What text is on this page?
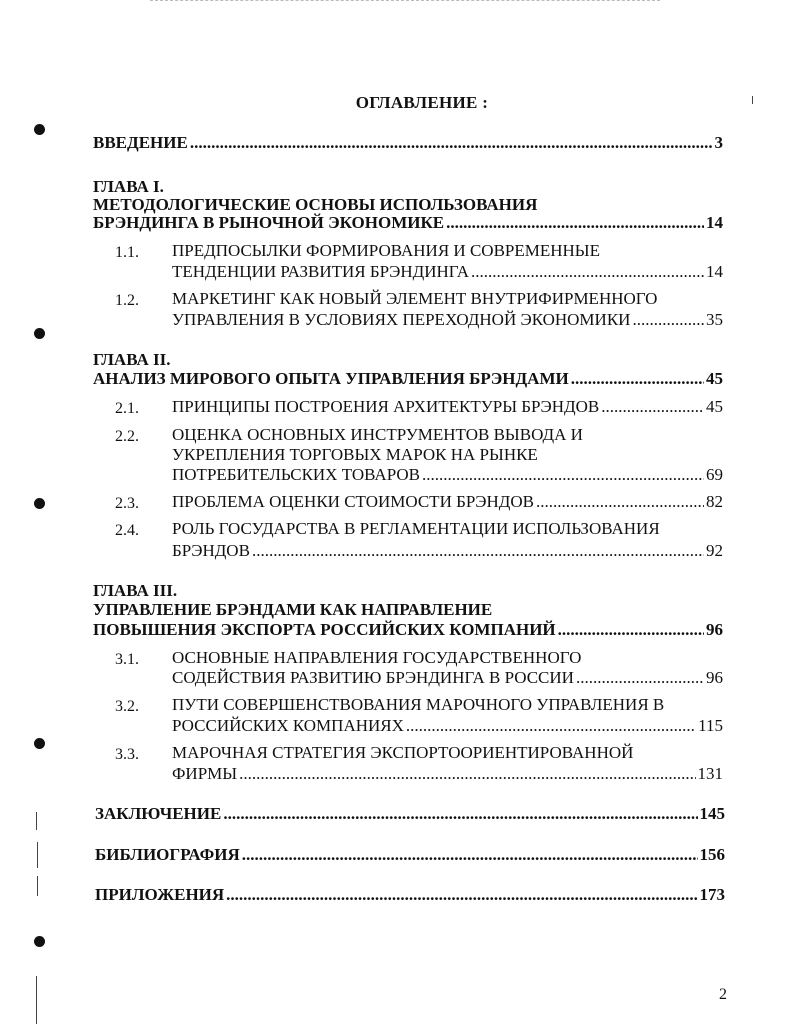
ОГЛАВЛЕНИЕ :
ВВЕДЕНИЕ .....	3
ГЛАВА I.
МЕТОДОЛОГИЧЕСКИЕ ОСНОВЫ ИСПОЛЬЗОВАНИЯ
БРЭНДИНГА В РЫНОЧНОЙ ЭКОНОМИКЕ .....	14
1.1. ПРЕДПОСЫЛКИ ФОРМИРОВАНИЯ И СОВРЕМЕННЫЕ
ТЕНДЕНЦИИ РАЗВИТИЯ БРЭНДИНГА .....	14
1.2. МАРКЕТИНГ КАК НОВЫЙ ЭЛЕМЕНТ ВНУТРИФИРМЕННОГО
УПРАВЛЕНИЯ В УСЛОВИЯХ ПЕРЕХОДНОЙ ЭКОНОМИКИ .....	35
ГЛАВА II.
АНАЛИЗ МИРОВОГО ОПЫТА УПРАВЛЕНИЯ БРЭНДАМИ .....	45
2.1. ПРИНЦИПЫ ПОСТРОЕНИЯ АРХИТЕКТУРЫ БРЭНДОВ .....	45
2.2. ОЦЕНКА ОСНОВНЫХ ИНСТРУМЕНТОВ ВЫВОДА И
УКРЕПЛЕНИЯ ТОРГОВЫХ МАРОК НА РЫНКЕ
ПОТРЕБИТЕЛЬСКИХ ТОВАРОВ .....	69
2.3. ПРОБЛЕМА ОЦЕНКИ СТОИМОСТИ БРЭНДОВ .....	82
2.4. РОЛЬ ГОСУДАРСТВА В РЕГЛАМЕНТАЦИИ ИСПОЛЬЗОВАНИЯ
БРЭНДОВ .....	92
ГЛАВА III.
УПРАВЛЕНИЕ БРЭНДАМИ КАК НАПРАВЛЕНИЕ
ПОВЫШЕНИЯ ЭКСПОРТА РОССИЙСКИХ КОМПАНИЙ .....	96
3.1. ОСНОВНЫЕ НАПРАВЛЕНИЯ ГОСУДАРСТВЕННОГО
СОДЕЙСТВИЯ РАЗВИТИЮ БРЭНДИНГА В РОССИИ .....	96
3.2. ПУТИ СОВЕРШЕНСТВОВАНИЯ МАРОЧНОГО УПРАВЛЕНИЯ В
РОССИЙСКИХ КОМПАНИЯХ .....	115
3.3. МАРОЧНАЯ СТРАТЕГИЯ ЭКСПОРТООРИЕНТИРОВАННОЙ
ФИРМЫ .....	131
ЗАКЛЮЧЕНИЕ .....	145
БИБЛИОГРАФИЯ .....	156
ПРИЛОЖЕНИЯ .....	173
2
